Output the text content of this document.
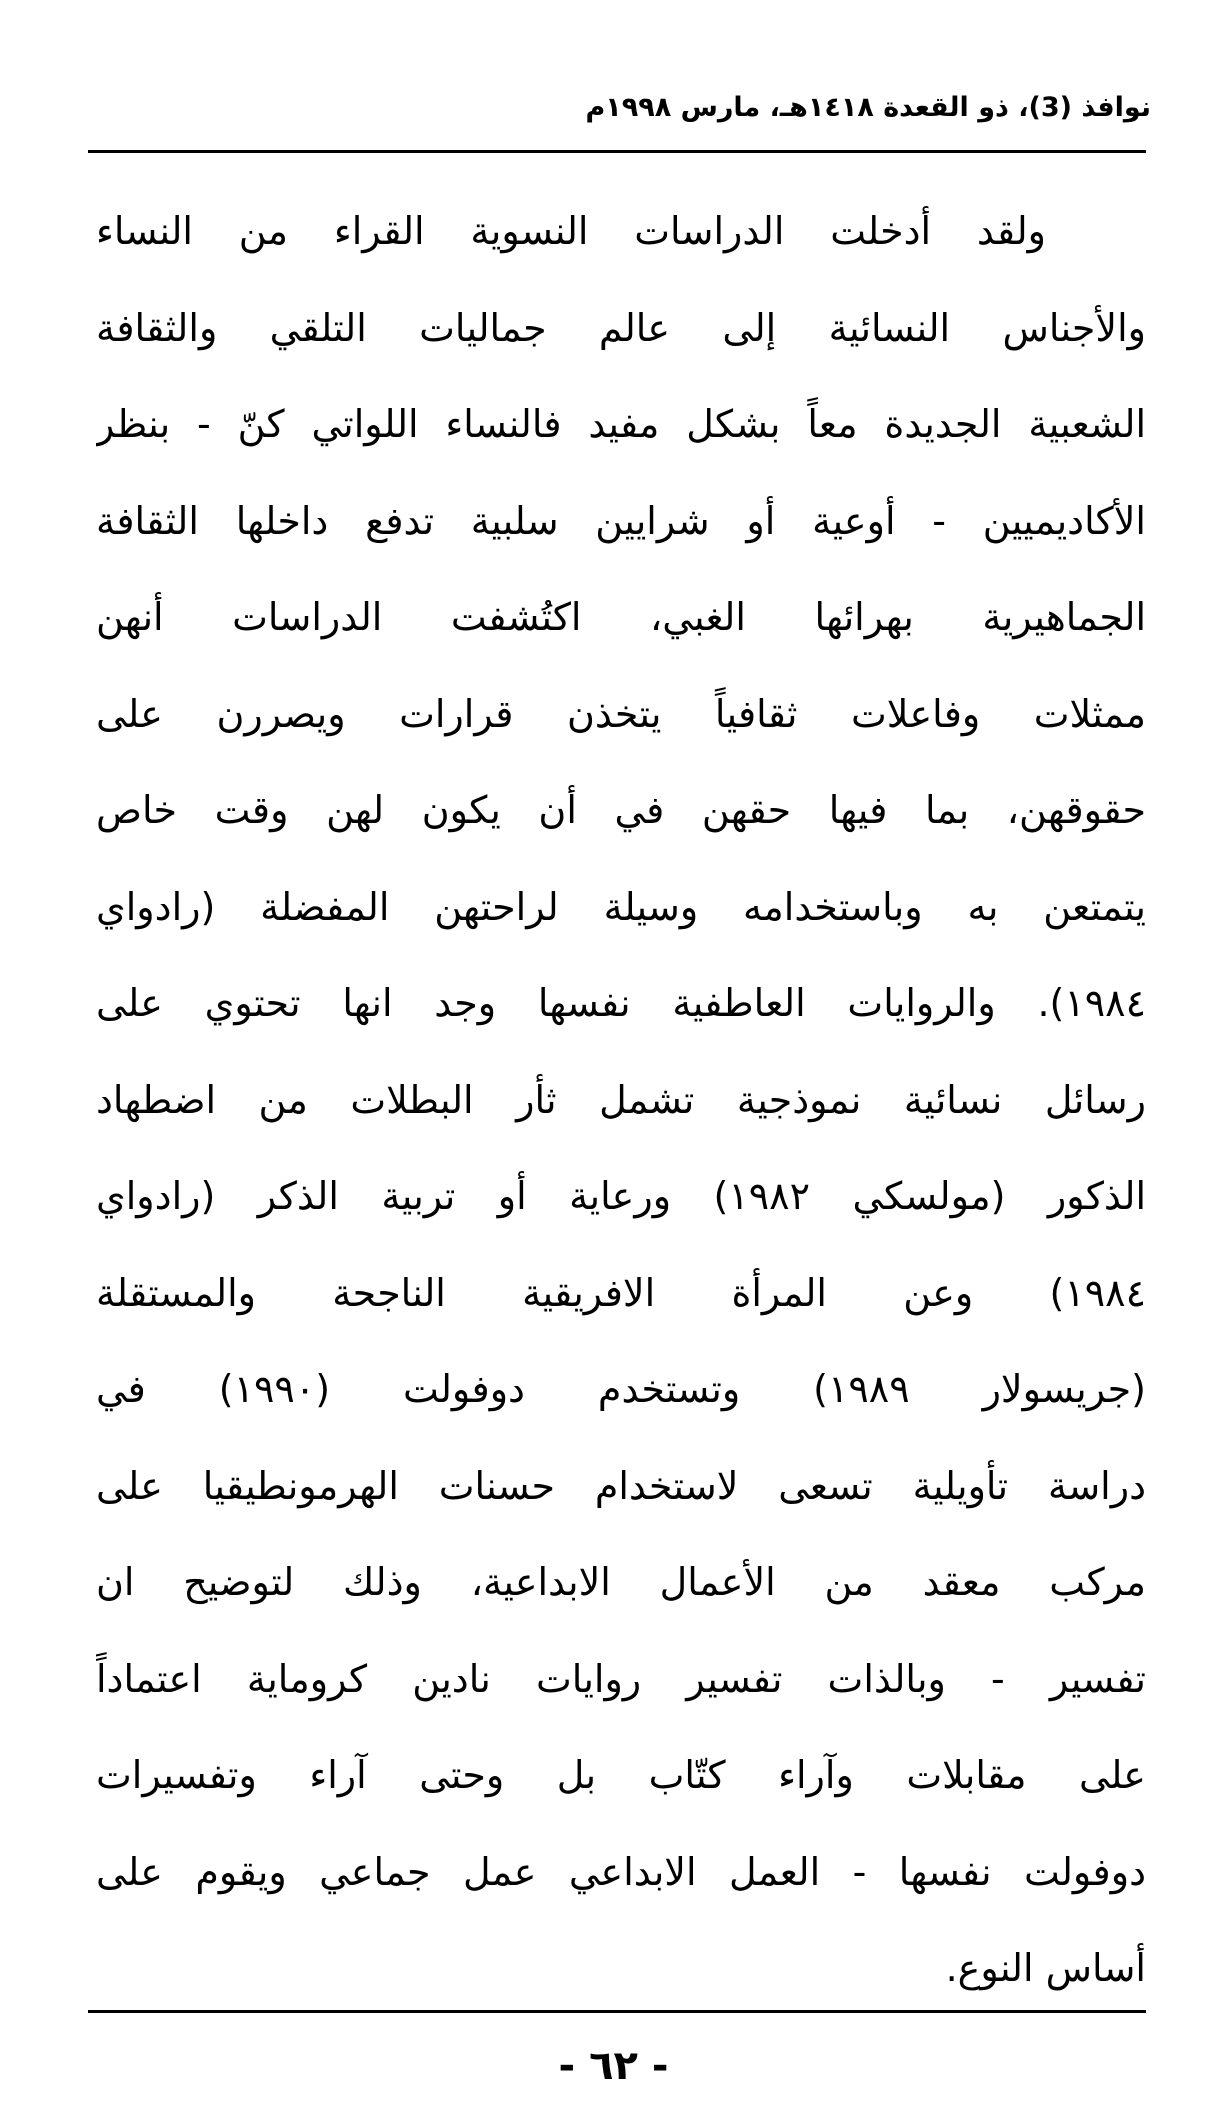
نوافذ (3)، ذو القعدة ١٤١٨هـ، مارس ١٩٩٨م
ولقد أدخلت الدراسات النسوية القراء من النساء
والأجناس النسائية إلى عالم جماليات التلقي والثقافة
الشعبية الجديدة معاً بشكل مفيد فالنساء اللواتي كنّ - بنظر
الأكاديميين - أوعية أو شرايين سلبية تدفع داخلها الثقافة
الجماهيرية بهرائها الغبي، اكتُشفت الدراسات أنهن
ممثلات وفاعلات ثقافياً يتخذن قرارات ويصررن على
حقوقهن، بما فيها حقهن في أن يكون لهن وقت خاص
يتمتعن به وباستخدامه وسيلة لراحتهن المفضلة (رادواي
١٩٨٤). والروايات العاطفية نفسها وجد انها تحتوي على
رسائل نسائية نموذجية تشمل ثأر البطلات من اضطهاد
الذكور (مولسكي ١٩٨٢) ورعاية أو تربية الذكر (رادواي
١٩٨٤) وعن المرأة الافريقية الناجحة والمستقلة
(جريسولار ١٩٨٩) وتستخدم دوفولت (١٩٩٠) في
دراسة تأويلية تسعى لاستخدام حسنات الهرمونطيقيا على
مركب معقد من الأعمال الابداعية، وذلك لتوضيح ان
تفسير - وبالذات تفسير روايات نادين كروماية اعتماداً
على مقابلات وآراء كتّاب بل وحتى آراء وتفسيرات
دوفولت نفسها - العمل الابداعي عمل جماعي ويقوم على
أساس النوع.
- ٦٢ -
